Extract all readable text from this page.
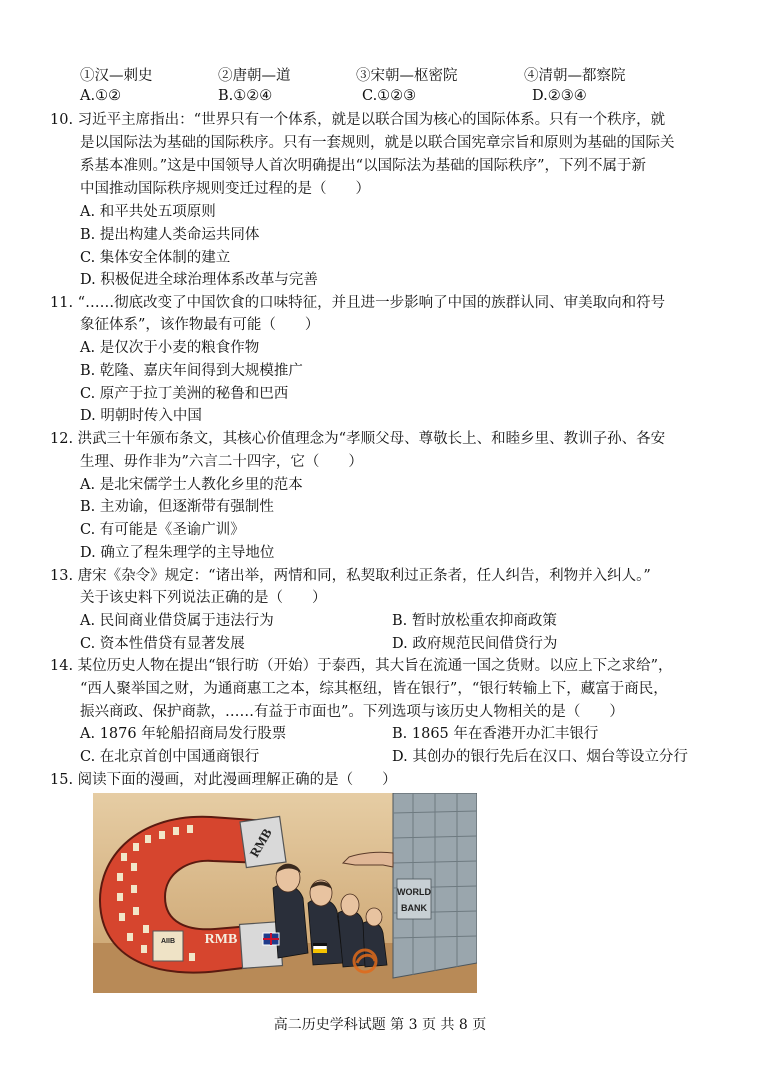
①汉—刺史	②唐朝—道	③宋朝—枢密院	④清朝—都察院
A.①②	B.①②④	C.①②③	D.②③④
10. 习近平主席指出：“世界只有一个体系，就是以联合国为核心的国际体系。只有一个秩序，就
是以国际法为基础的国际秩序。只有一套规则，就是以联合国宪章宗旨和原则为基础的国际关
系基本准则。”这是中国领导人首次明确提出“以国际法为基础的国际秩序”，下列不属于新
中国推动国际秩序规则变迁过程的是（　　）
A. 和平共处五项原则
B. 提出构建人类命运共同体
C. 集体安全体制的建立
D. 积极促进全球治理体系改革与完善
11. “……彻底改变了中国饮食的口味特征，并且进一步影响了中国的族群认同、审美取向和符号
象征体系”，该作物最有可能（　　）
A. 是仅次于小麦的粮食作物
B. 乾隆、嘉庆年间得到大规模推广
C. 原产于拉丁美洲的秘鲁和巴西
D. 明朝时传入中国
12. 洪武三十年颁布条文，其核心价值理念为“孝顺父母、尊敬长上、和睦乡里、教训子孙、各安
生理、毋作非为”六言二十四字，它（　　）
A. 是北宋儒学士人教化乡里的范本
B. 主劝谕，但逐渐带有强制性
C. 有可能是《圣谕广训》
D. 确立了程朱理学的主导地位
13. 唐宋《杂令》规定：“诸出举，两情和同，私契取利过正条者，任人纠告，利物并入纠人。”
关于该史料下列说法正确的是（　　）
A. 民间商业借贷属于违法行为	B. 暂时放松重农抑商政策
C. 资本性借贷有显著发展	D. 政府规范民间借贷行为
14. 某位历史人物在提出“银行昉（开始）于泰西，其大旨在流通一国之货财。以应上下之求给”，
“西人聚举国之财，为通商惠工之本，综其枢纽，皆在银行”，“银行转输上下，藏富于商民，
振兴商政、保护商款，……有益于市面也”。下列选项与该历史人物相关的是（　　）
A. 1876 年轮船招商局发行股票	B. 1865 年在香港开办汇丰银行
C. 在北京首创中国通商银行	D. 其创办的银行先后在汉口、烟台等设立分行
15. 阅读下面的漫画，对此漫画理解正确的是（　　）
WORLD
BANK
RMB
RMB
AIIB
高二历史学科试题 第 3 页 共 8 页
